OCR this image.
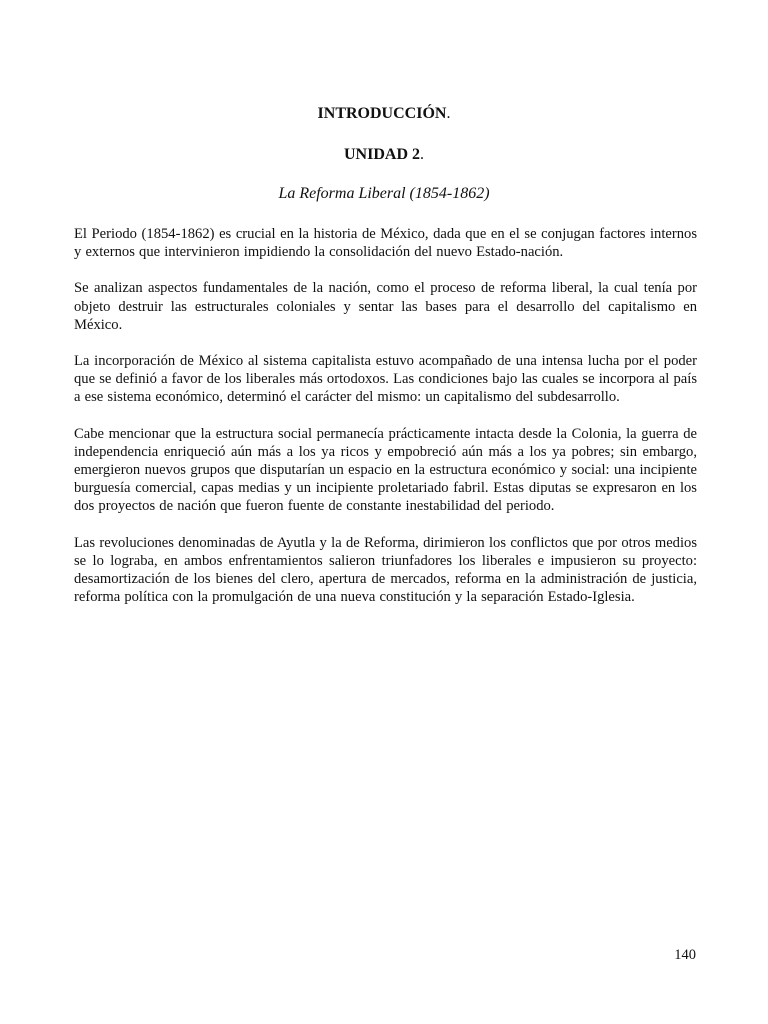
INTRODUCCIÓN.
UNIDAD 2.
La Reforma Liberal (1854-1862)

El Periodo (1854-1862) es crucial en la historia de México, dada que en el se conjugan factores internos y externos que intervinieron impidiendo la consolidación del nuevo Estado-nación.

Se analizan aspectos fundamentales de la nación, como el proceso de reforma liberal, la cual tenía por objeto destruir las estructurales coloniales y sentar las bases para el desarrollo del capitalismo en México.

La incorporación de México al sistema capitalista estuvo acompañado de una intensa lucha por el poder que se definió a favor de los liberales más ortodoxos. Las condiciones bajo las cuales se incorpora al país a ese sistema económico, determinó el carácter del mismo: un capitalismo del subdesarrollo.

Cabe mencionar que la estructura social permanecía prácticamente intacta desde la Colonia, la guerra de independencia enriqueció aún más a los ya ricos y empobreció aún más a los ya pobres; sin embargo, emergieron nuevos grupos que disputarían un espacio en la estructura económico y social: una incipiente burguesía comercial, capas medias y un incipiente proletariado fabril. Estas diputas se expresaron en los dos proyectos de nación que fueron fuente de constante inestabilidad del periodo.

Las revoluciones denominadas de Ayutla y la de Reforma, dirimieron los conflictos que por otros medios se lo lograba, en ambos enfrentamientos salieron triunfadores los liberales e impusieron su proyecto: desamortización de los bienes del clero, apertura de mercados, reforma en la administración de justicia, reforma política con la promulgación de una nueva constitución y la separación Estado-Iglesia.

140
